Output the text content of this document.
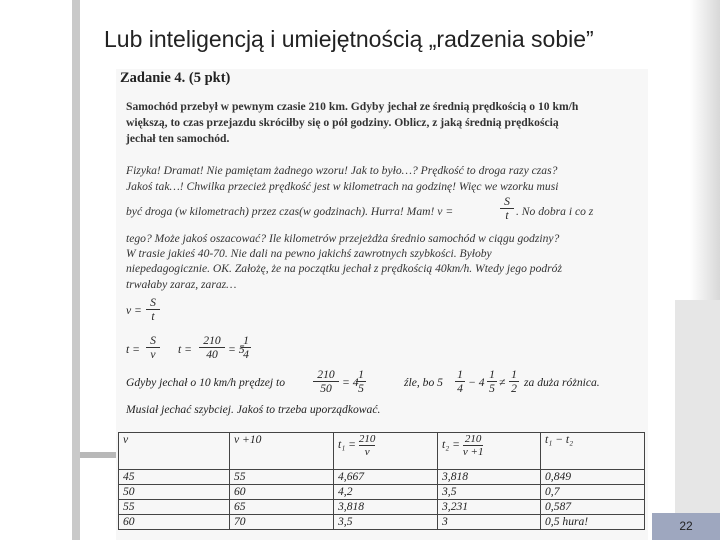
Lub inteligencją i umiejętnością „radzenia sobie”
Zadanie 4. (5 pkt)
Samochód przebył w pewnym czasie 210 km. Gdyby jechał ze średnią prędkością o 10 km/h
większą, to czas przejazdu skróciłby się o pół godziny. Oblicz, z jaką średnią prędkością
jechał ten samochód.
Fizyka! Dramat! Nie pamiętam żadnego wzoru! Jak to było…? Prędkość to droga razy czas?
Jakoś tak…! Chwilka przecież prędkość jest w kilometrach na godzinę! Więc we wzorku musi
być droga (w kilometrach) przez czas(w godzinach). Hurra! Mam! v =	$\frac{S}{t}$ . No dobra i co z
tego? Może jakoś oszacować? Ile kilometrów przejeżdża średnio samochód w ciągu godziny?
W trasie jakieś 40-70. Nie dali na pewno jakichś zawrotnych szybkości. Byłoby
niepedagogicznie. OK. Założę, że na początku jechał z prędkością 40km/h. Wtedy jego podróż
trwałaby zaraz, zaraz…
$v = \frac{S}{t}$
$t = \frac{S}{v}$ $t = \frac{210}{40} = 5$
$\frac{1}{4}$
Gdyby jechał o 10 km/h prędzej to $\frac{210}{50} = 4$
$\frac{1}{5}$	źle, bo $5 \frac{1}{4} - 4 \frac{1}{5} \ne \frac{1}{2}$ za duża różnica.
Musiał jechać szybciej. Jakoś to trzeba uporządkować.
v	v +10	$t_1 = \frac{210}{v}$	$t_2 = \frac{210}{v +1}$	t₁ − t₂
45	55	4,667	3,818	0,849
50	60	4,2	3,5	0,7
55	65	3,818	3,231	0,587
60	70	3,5	3	0,5 hura!	22
